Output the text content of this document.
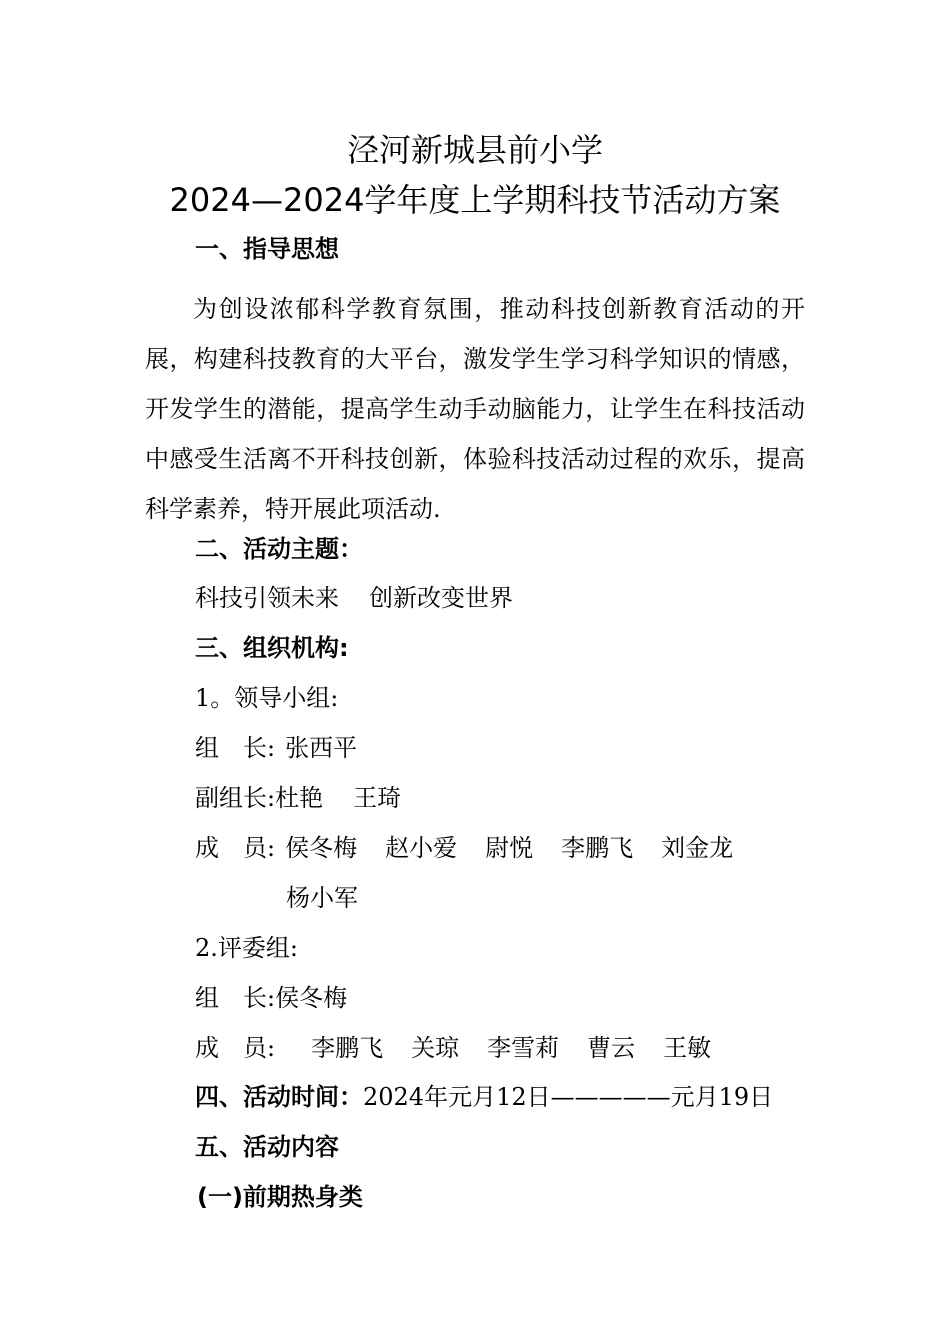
泾河新城县前小学
2024—2024学年度上学期科技节活动方案
一、指导思想

为创设浓郁科学教育氛围，推动科技创新教育活动的开展，构建科技教育的大平台，激发学生学习科学知识的情感，开发学生的潜能，提高学生动手动脑能力，让学生在科技活动中感受生活离不开科技创新，体验科技活动过程的欢乐，提高科学素养，特开展此项活动.

二、活动主题：
科技引领未来 创新改变世界
三、组织机构:
1。领导小组:
组　长: 张西平
副组长:杜艳 王琦
成　员: 侯冬梅 赵小爱 尉悦 李鹏飞 刘金龙
杨小军
2.评委组:
组　长:侯冬梅
成　员: 李鹏飞 关琼 李雪莉 曹云 王敏
四、活动时间：2024年元月12日—————元月19日
五、活动内容
(一)前期热身类
